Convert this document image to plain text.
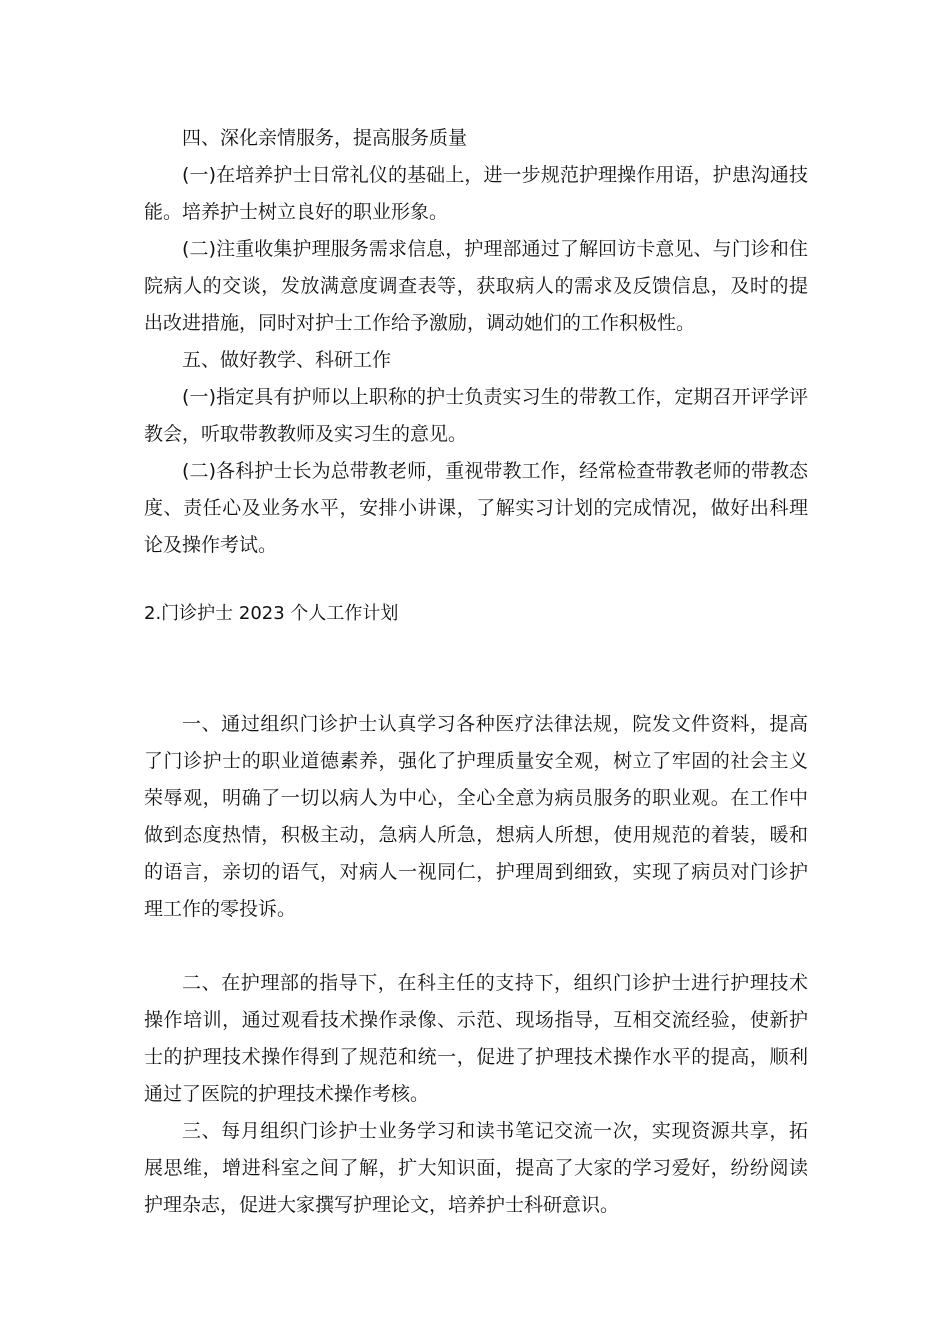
四、深化亲情服务，提高服务质量

(一)在培养护士日常礼仪的基础上，进一步规范护理操作用语，护患沟通技能。培养护士树立良好的职业形象。

(二)注重收集护理服务需求信息，护理部通过了解回访卡意见、与门诊和住院病人的交谈，发放满意度调查表等，获取病人的需求及反馈信息，及时的提出改进措施，同时对护士工作给予激励，调动她们的工作积极性。

五、做好教学、科研工作

(一)指定具有护师以上职称的护士负责实习生的带教工作，定期召开评学评教会，听取带教教师及实习生的意见。

(二)各科护士长为总带教老师，重视带教工作，经常检查带教老师的带教态度、责任心及业务水平，安排小讲课，了解实习计划的完成情况，做好出科理论及操作考试。

2.门诊护士 2023 个人工作计划

一、通过组织门诊护士认真学习各种医疗法律法规，院发文件资料，提高了门诊护士的职业道德素养，强化了护理质量安全观，树立了牢固的社会主义荣辱观，明确了一切以病人为中心，全心全意为病员服务的职业观。在工作中做到态度热情，积极主动，急病人所急，想病人所想，使用规范的着装，暖和的语言，亲切的语气，对病人一视同仁，护理周到细致，实现了病员对门诊护理工作的零投诉。

二、在护理部的指导下，在科主任的支持下，组织门诊护士进行护理技术操作培训，通过观看技术操作录像、示范、现场指导，互相交流经验，使新护士的护理技术操作得到了规范和统一，促进了护理技术操作水平的提高，顺利通过了医院的护理技术操作考核。

三、每月组织门诊护士业务学习和读书笔记交流一次，实现资源共享，拓展思维，增进科室之间了解，扩大知识面，提高了大家的学习爱好，纷纷阅读护理杂志，促进大家撰写护理论文，培养护士科研意识。
